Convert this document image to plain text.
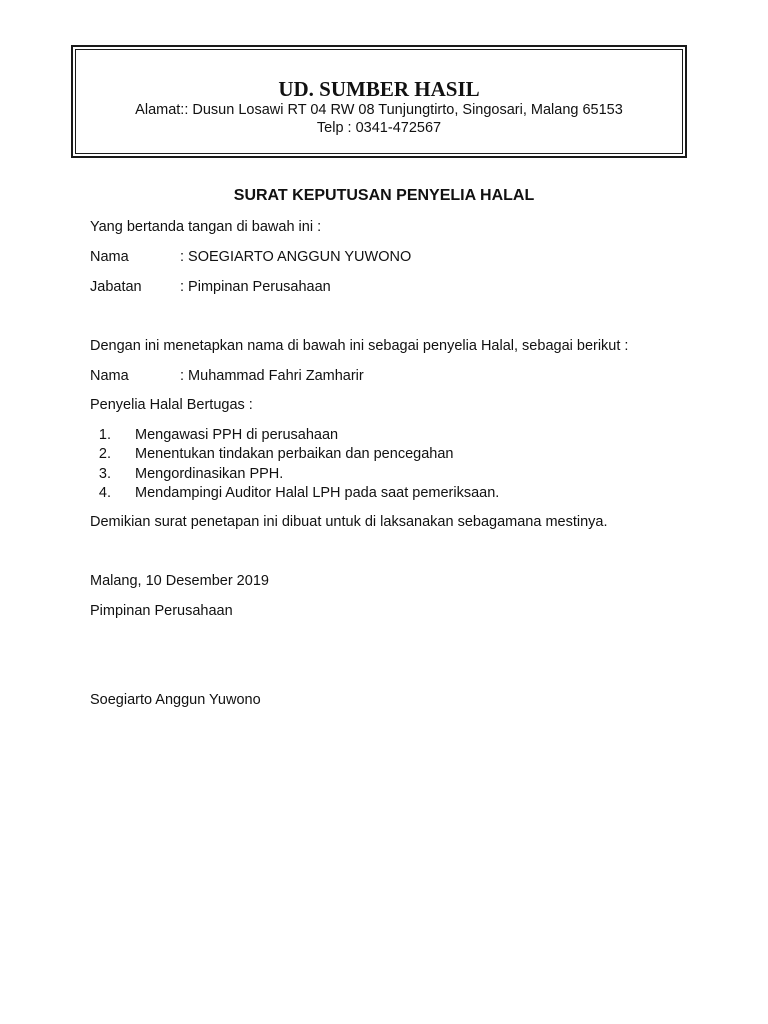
UD. SUMBER HASIL
Alamat:: Dusun Losawi RT 04 RW 08 Tunjungtirto, Singosari, Malang 65153
Telp : 0341-472567
SURAT KEPUTUSAN PENYELIA HALAL
Yang bertanda tangan di bawah ini :
Nama	: SOEGIARTO ANGGUN YUWONO
Jabatan	: Pimpinan Perusahaan
Dengan ini menetapkan nama di bawah ini sebagai penyelia Halal, sebagai berikut :
Nama	: Muhammad Fahri Zamharir
Penyelia Halal Bertugas :
1. Mengawasi PPH di perusahaan
2. Menentukan tindakan perbaikan dan pencegahan
3. Mengordinasikan PPH.
4. Mendampingi Auditor Halal LPH pada saat pemeriksaan.
Demikian surat penetapan ini dibuat untuk di laksanakan sebagamana mestinya.
Malang, 10 Desember 2019
Pimpinan Perusahaan
Soegiarto Anggun Yuwono
